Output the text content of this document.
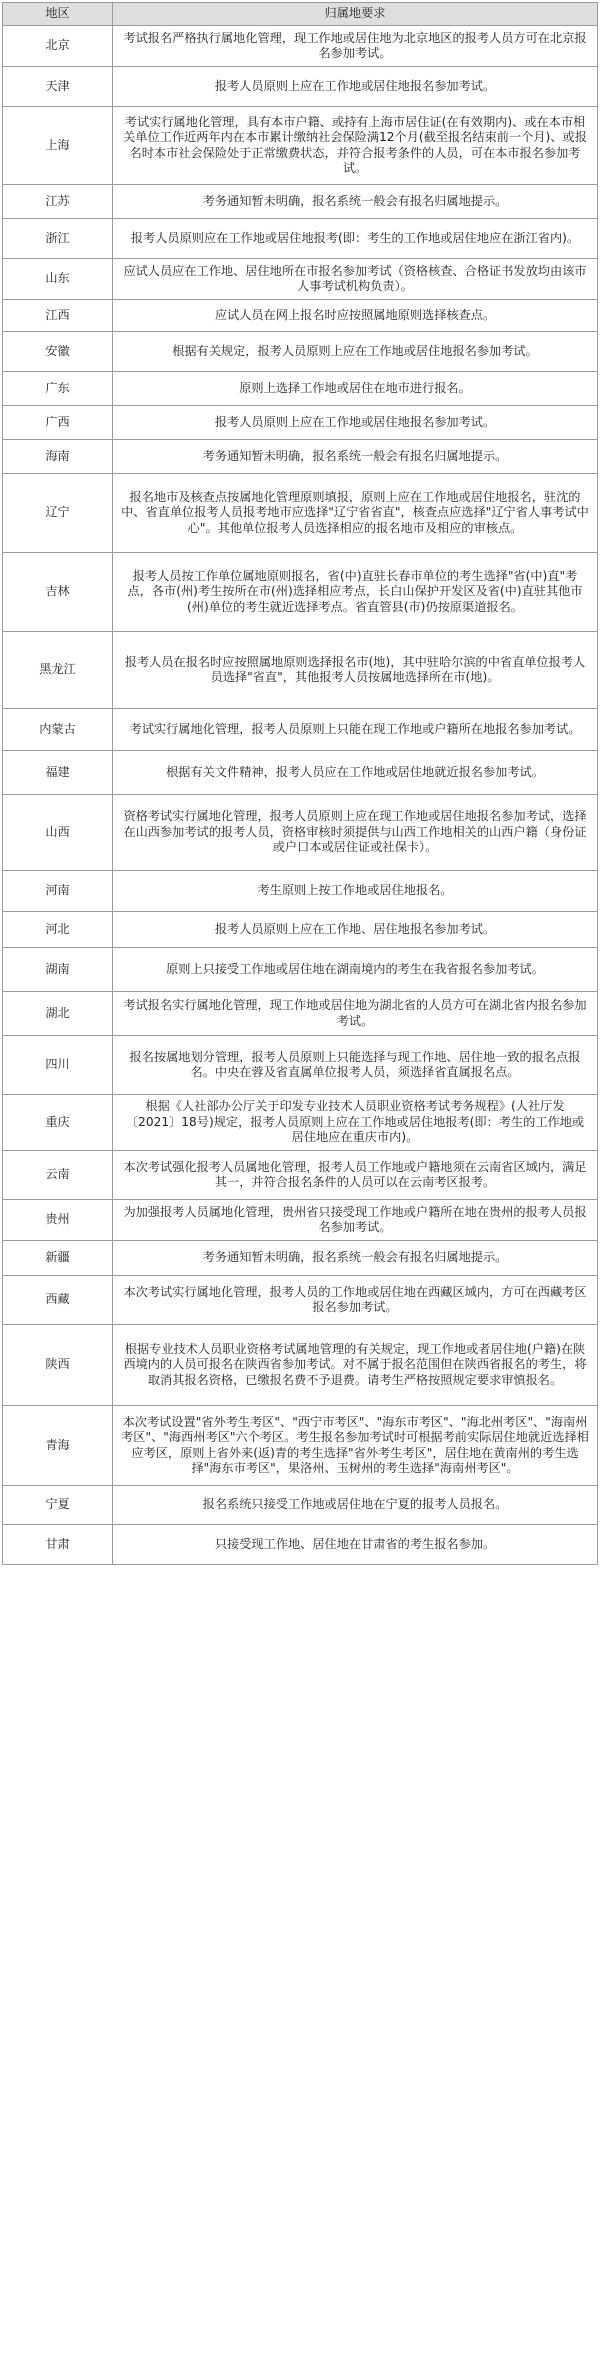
地区	归属地要求
北京	考试报名严格执行属地化管理，现工作地或居住地为北京地区的报考人员方可在北京报名参加考试。
天津	报考人员原则上应在工作地或居住地报名参加考试。
上海	考试实行属地化管理，具有本市户籍、或持有上海市居住证(在有效期内)、或在本市相关单位工作近两年内在本市累计缴纳社会保险满12个月(截至报名结束前一个月)、或报名时本市社会保险处于正常缴费状态，并符合报考条件的人员，可在本市报名参加考试。
江苏	考务通知暂未明确，报名系统一般会有报名归属地提示。
浙江	报考人员原则应在工作地或居住地报考(即：考生的工作地或居住地应在浙江省内)。
山东	应试人员应在工作地、居住地所在市报名参加考试（资格核查、合格证书发放均由该市人事考试机构负责）。
江西	应试人员在网上报名时应按照属地原则选择核查点。
安徽	根据有关规定，报考人员原则上应在工作地或居住地报名参加考试。
广东	原则上选择工作地或居住在地市进行报名。
广西	报考人员原则上应在工作地或居住地报名参加考试。
海南	考务通知暂未明确，报名系统一般会有报名归属地提示。
辽宁	报名地市及核查点按属地化管理原则填报，原则上应在工作地或居住地报名，驻沈的中、省直单位报考人员报考地市应选择"辽宁省省直"，核查点应选择"辽宁省人事考试中心"。其他单位报考人员选择相应的报名地市及相应的审核点。
吉林	报考人员按工作单位属地原则报名，省(中)直驻长春市单位的考生选择"省(中)直"考点，各市(州)考生按所在市(州)选择相应考点，长白山保护开发区及省(中)直驻其他市(州)单位的考生就近选择考点。省直管县(市)仍按原渠道报名。
黑龙江	报考人员在报名时应按照属地原则选择报名市(地)，其中驻哈尔滨的中省直单位报考人员选择"省直"，其他报考人员按属地选择所在市(地)。
内蒙古	考试实行属地化管理，报考人员原则上只能在现工作地或户籍所在地报名参加考试。
福建	根据有关文件精神，报考人员应在工作地或居住地就近报名参加考试。
山西	资格考试实行属地化管理，报考人员原则上应在现工作地或居住地报名参加考试，选择在山西参加考试的报考人员，资格审核时须提供与山西工作地相关的山西户籍（身份证或户口本或居住证或社保卡）。
河南	考生原则上按工作地或居住地报名。
河北	报考人员原则上应在工作地、居住地报名参加考试。
湖南	原则上只接受工作地或居住地在湖南境内的考生在我省报名参加考试。
湖北	考试报名实行属地化管理，现工作地或居住地为湖北省的人员方可在湖北省内报名参加考试。
四川	报名按属地划分管理，报考人员原则上只能选择与现工作地、居住地一致的报名点报名。中央在蓉及省直属单位报考人员，须选择省直属报名点。
重庆	根据《人社部办公厅关于印发专业技术人员职业资格考试考务规程》(人社厅发〔2021〕18号)规定，报考人员原则上应在工作地或居住地报考(即：考生的工作地或居住地应在重庆市内)。
云南	本次考试强化报考人员属地化管理，报考人员工作地或户籍地须在云南省区域内，满足其一，并符合报名条件的人员可以在云南考区报考。
贵州	为加强报考人员属地化管理，贵州省只接受现工作地或户籍所在地在贵州的报考人员报名参加考试。
新疆	考务通知暂未明确，报名系统一般会有报名归属地提示。
西藏	本次考试实行属地化管理，报考人员的工作地或居住地在西藏区域内，方可在西藏考区报名参加考试。
陕西	根据专业技术人员职业资格考试属地管理的有关规定，现工作地或者居住地(户籍)在陕西境内的人员可报名在陕西省参加考试。对不属于报名范围但在陕西省报名的考生，将取消其报名资格，已缴报名费不予退费。请考生严格按照规定要求审慎报名。
青海	本次考试设置"省外考生考区"、"西宁市考区"、"海东市考区"、"海北州考区"、"海南州考区"、"海西州考区"六个考区。考生报名参加考试时可根据考前实际居住地就近选择相应考区，原则上省外来(返)青的考生选择"省外考生考区"，居住地在黄南州的考生选择"海东市考区"，果洛州、玉树州的考生选择"海南州考区"。
宁夏	报名系统只接受工作地或居住地在宁夏的报考人员报名。
甘肃	只接受现工作地、居住地在甘肃省的考生报名参加。
